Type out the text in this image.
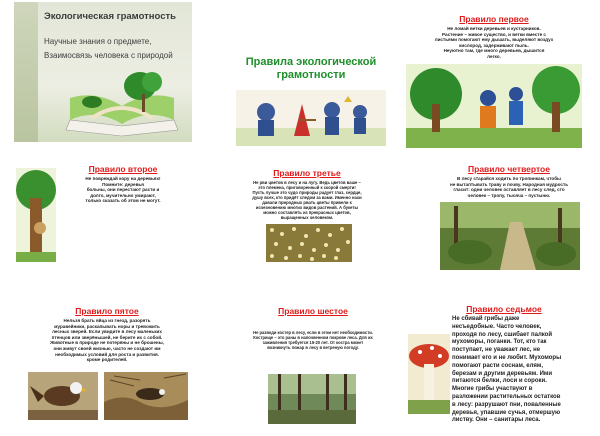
Экологическая грамотность
Научные знания о предмете,
Взаимосвязь человека с природой
Правила экологической грамотности
Правило первое
Не ломай ветки деревьев и кустарников.
Растение – живое существо, и ветки вместе с
листьями помогают ему дышать, выделяют воздух
кислород, задерживают пыль.
Неуютно там, где много деревьев, дышится
легко.
Правило второе
Не повреждай кору на деревьях!
Помните: деревья
больны, они перестают расти и
долго, мучительно умирают,
только сказать об этом не могут.
Правило третье
Не рви цветов в лесу и на лугу. Ведь цветов ваше –
это племена, приговоренный к скорой смерти!
Пусть лучше это чудо природы радует глаз, сердце,
душу всех, кто придёт следом за вами. Именно нахи
давали природных рвать цветы привели к
исчезновению многих видов растений. А букеты
можно составлять из прекрасных цветов,
выращенных человеком.
Правило четвертое
В лесу старайся ходить по тропинкам, чтобы
не вытаптывать траву и почву. Народная мудрость
гласит: одни человек оставляет в лесу след, сто
человек – тропу, тысяча – пустыню.
Правило пятое
Нельзя брать яйца из гнезд, разорять
муравейники, раскапывать норы и тревожить
лесных зверей. Если увидите в лесу маленьких
птенцов или зверёнышей, не берите их с собой.
Животные в природе не потеряны и не брошены,
они живут своей жизнью, часто не создают им
необходимых условий для роста и развития.
кроме родителей.
Правило шестое
Не разводи костер в лесу, если в этом нет необходимости.
Кострище – это раны в напочвенном покрове леса. Для их
заживления требуется 15-20 лет. От костра может
возникнуть пожар в лесу в ветреную погоду.
Правило седьмое
Не сбивай грибы даже
несъедобные. Часто человек,
проходя по лесу, сшибает палкой
мухоморы, поганки. Тот, кто так
поступает, не уважает лес, не
понимает его и не любит. Мухоморы
помогают расти соснам, елям,
березам и другим деревьям. Ими
питаются белки, лоси и сороки.
Многие грибы участвуют в
разложении растительных остатков
в лесу: разрушают пни, поваленные
деревья, упавшие сучья, отмершую
листву. Они – санитары леса.
